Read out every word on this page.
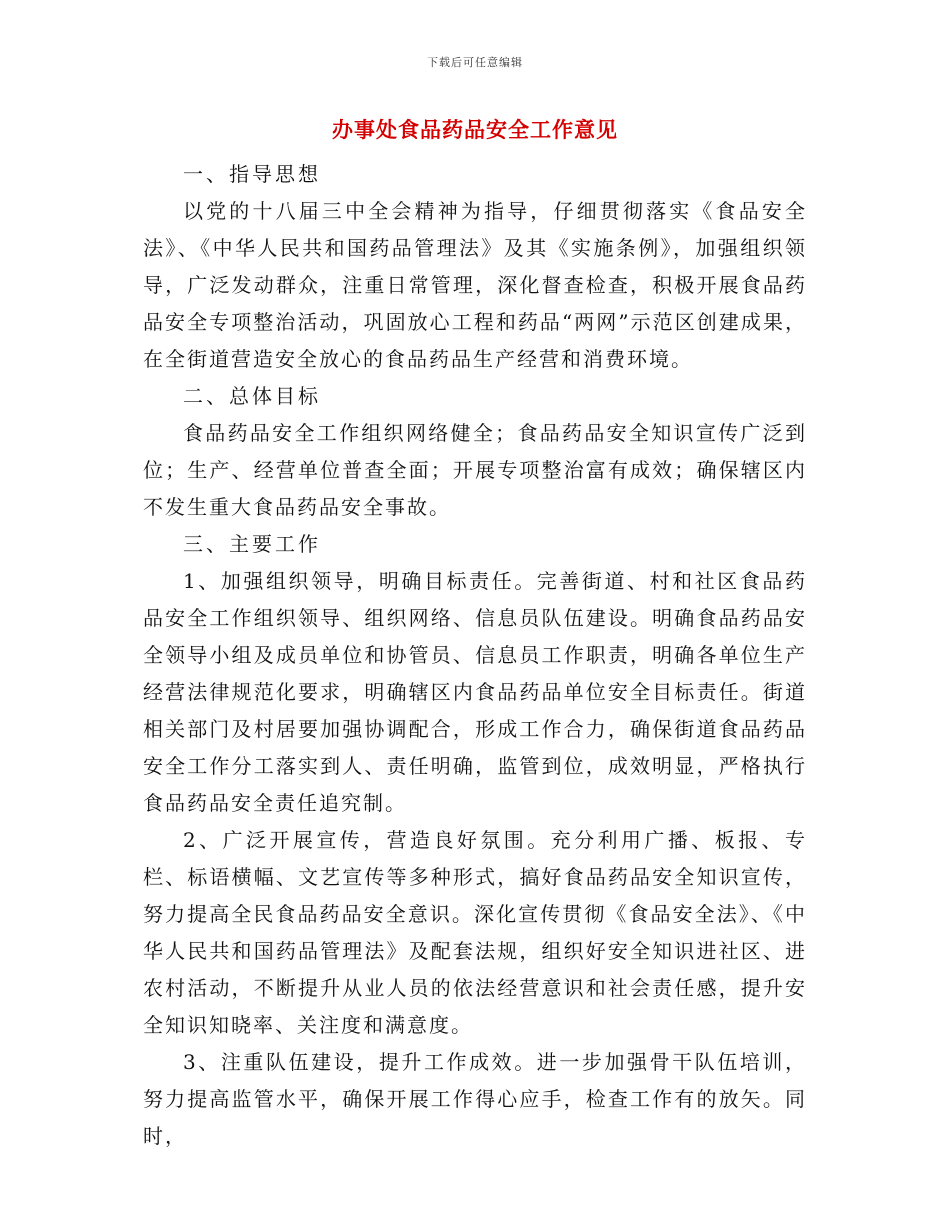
下载后可任意编辑
办事处食品药品安全工作意见

一、指导思想

以党的十八届三中全会精神为指导，仔细贯彻落实《食品安全法》、《中华人民共和国药品管理法》及其《实施条例》，加强组织领导，广泛发动群众，注重日常管理，深化督查检查，积极开展食品药品安全专项整治活动，巩固放心工程和药品“两网”示范区创建成果，在全街道营造安全放心的食品药品生产经营和消费环境。

二、总体目标

食品药品安全工作组织网络健全；食品药品安全知识宣传广泛到位；生产、经营单位普查全面；开展专项整治富有成效；确保辖区内不发生重大食品药品安全事故。

三、主要工作

1、加强组织领导，明确目标责任。完善街道、村和社区食品药品安全工作组织领导、组织网络、信息员队伍建设。明确食品药品安全领导小组及成员单位和协管员、信息员工作职责，明确各单位生产经营法律规范化要求，明确辖区内食品药品单位安全目标责任。街道相关部门及村居要加强协调配合，形成工作合力，确保街道食品药品安全工作分工落实到人、责任明确，监管到位，成效明显，严格执行食品药品安全责任追究制。

2、广泛开展宣传，营造良好氛围。充分利用广播、板报、专栏、标语横幅、文艺宣传等多种形式，搞好食品药品安全知识宣传，努力提高全民食品药品安全意识。深化宣传贯彻《食品安全法》、《中华人民共和国药品管理法》及配套法规，组织好安全知识进社区、进农村活动，不断提升从业人员的依法经营意识和社会责任感，提升安全知识知晓率、关注度和满意度。

3、注重队伍建设，提升工作成效。进一步加强骨干队伍培训，努力提高监管水平，确保开展工作得心应手，检查工作有的放矢。同时，
